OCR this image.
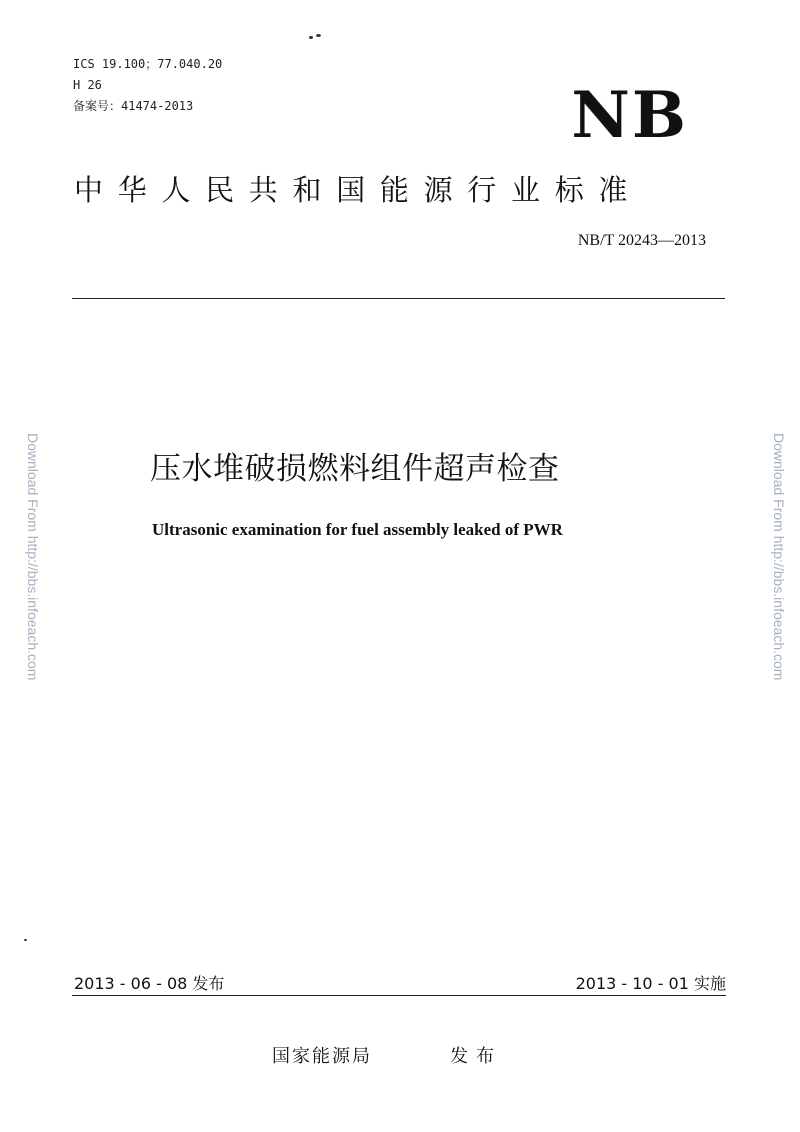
ICS 19.100；77.040.20
H 26
备案号：41474-2013	NB
中华人民共和国能源行业标准
NB/T 20243—2013
Download From http://bbs.infoeach.com	Download From http://bbs.infoeach.com
压水堆破损燃料组件超声检查
Ultrasonic examination for fuel assembly leaked of PWR
2013 - 06 - 08 发布	2013 - 10 - 01 实施
国家能源局	发布
